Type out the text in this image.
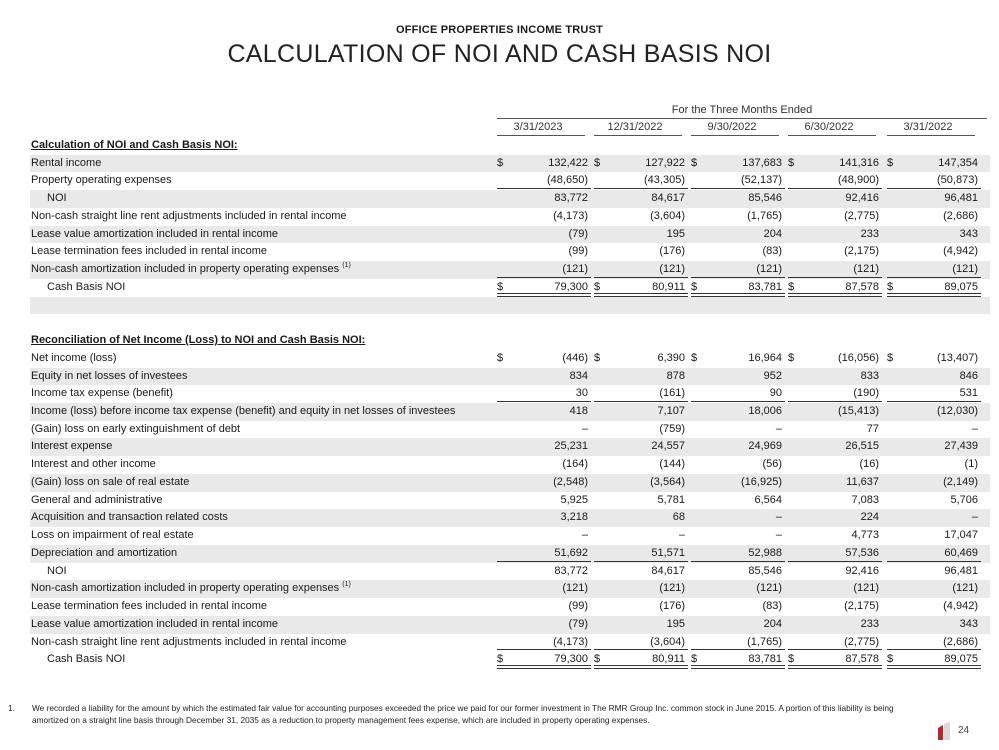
OFFICE PROPERTIES INCOME TRUST
CALCULATION OF NOI AND CASH BASIS NOI
For the Three Months Ended
3/31/2023	12/31/2022	9/30/2022	6/30/2022	3/31/2022
Calculation of NOI and Cash Basis NOI:
Rental income	$	132,422 $	127,922 $	137,683 $	141,316 $	147,354
Property operating expenses	(48,650)	(43,305)	(52,137)	(48,900)	(50,873)
NOI	83,772	84,617	85,546	92,416	96,481
Non-cash straight line rent adjustments included in rental income	(4,173)	(3,604)	(1,765)	(2,775)	(2,686)
Lease value amortization included in rental income	(79)	195	204	233	343
Lease termination fees included in rental income	(99)	(176)	(83)	(2,175)	(4,942)
Non-cash amortization included in property operating expenses $^{(1)}$	(121)	(121)	(121)	(121)	(121)
Cash Basis NOI	$	79,300 $	80,911 $	83,781 $	87,578 $	89,075
Reconciliation of Net Income (Loss) to NOI and Cash Basis NOI:
Net income (loss)	$	(446) $	6,390 $	16,964 $	(16,056) $	(13,407)
Equity in net losses of investees	834	878	952	833	846
Income tax expense (benefit)	30	(161)	90	(190)	531
Income (loss) before income tax expense (benefit) and equity in net losses of investees	418	7,107	18,006	(15,413)	(12,030)
(Gain) loss on early extinguishment of debt	–	(759)	–	77	–
Interest expense	25,231	24,557	24,969	26,515	27,439
Interest and other income	(164)	(144)	(56)	(16)	(1)
(Gain) loss on sale of real estate	(2,548)	(3,564)	(16,925)	11,637	(2,149)
General and administrative	5,925	5,781	6,564	7,083	5,706
Acquisition and transaction related costs	3,218	68	–	224	–
Loss on impairment of real estate	–	–	–	4,773	17,047
Depreciation and amortization	51,692	51,571	52,988	57,536	60,469
NOI	83,772	84,617	85,546	92,416	96,481
Non-cash amortization included in property operating expenses $^{(1)}$	(121)	(121)	(121)	(121)	(121)
Lease termination fees included in rental income	(99)	(176)	(83)	(2,175)	(4,942)
Lease value amortization included in rental income	(79)	195	204	233	343
Non-cash straight line rent adjustments included in rental income	(4,173)	(3,604)	(1,765)	(2,775)	(2,686)
Cash Basis NOI	$	79,300 $	80,911 $	83,781 $	87,578 $	89,075
1. We recorded a liability for the amount by which the estimated fair value for accounting purposes exceeded the price we paid for our former investment in The RMR Group Inc. common stock in June 2015. A portion of this liability is being amortized on a straight line basis through December 31, 2035 as a reduction to property management fees expense, which are included in property operating expenses.
24
